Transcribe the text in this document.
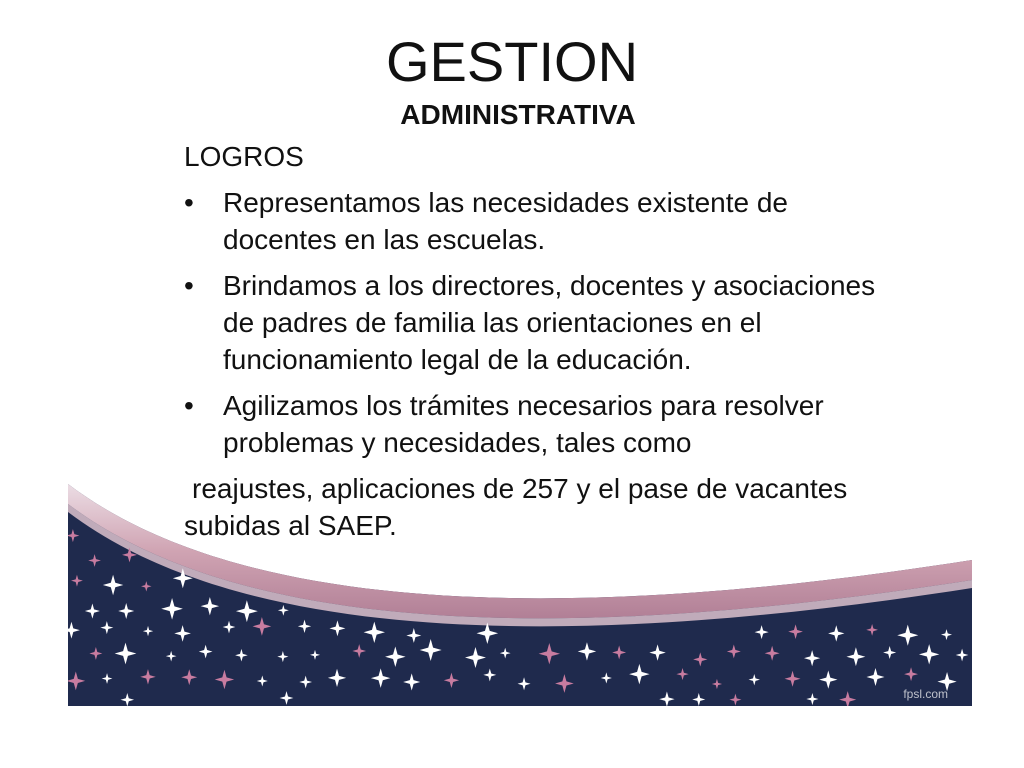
fpsl.com
GESTION
ADMINISTRATIVA
LOGROS
•	Representamos las necesidades existente de docentes en las escuelas.
•	Brindamos a los directores, docentes y asociaciones de padres de familia las orientaciones en el funcionamiento legal de la educación.
•	Agilizamos los trámites necesarios para resolver problemas y necesidades, tales como

reajustes, aplicaciones de 257 y el pase de vacantes subidas al SAEP.
